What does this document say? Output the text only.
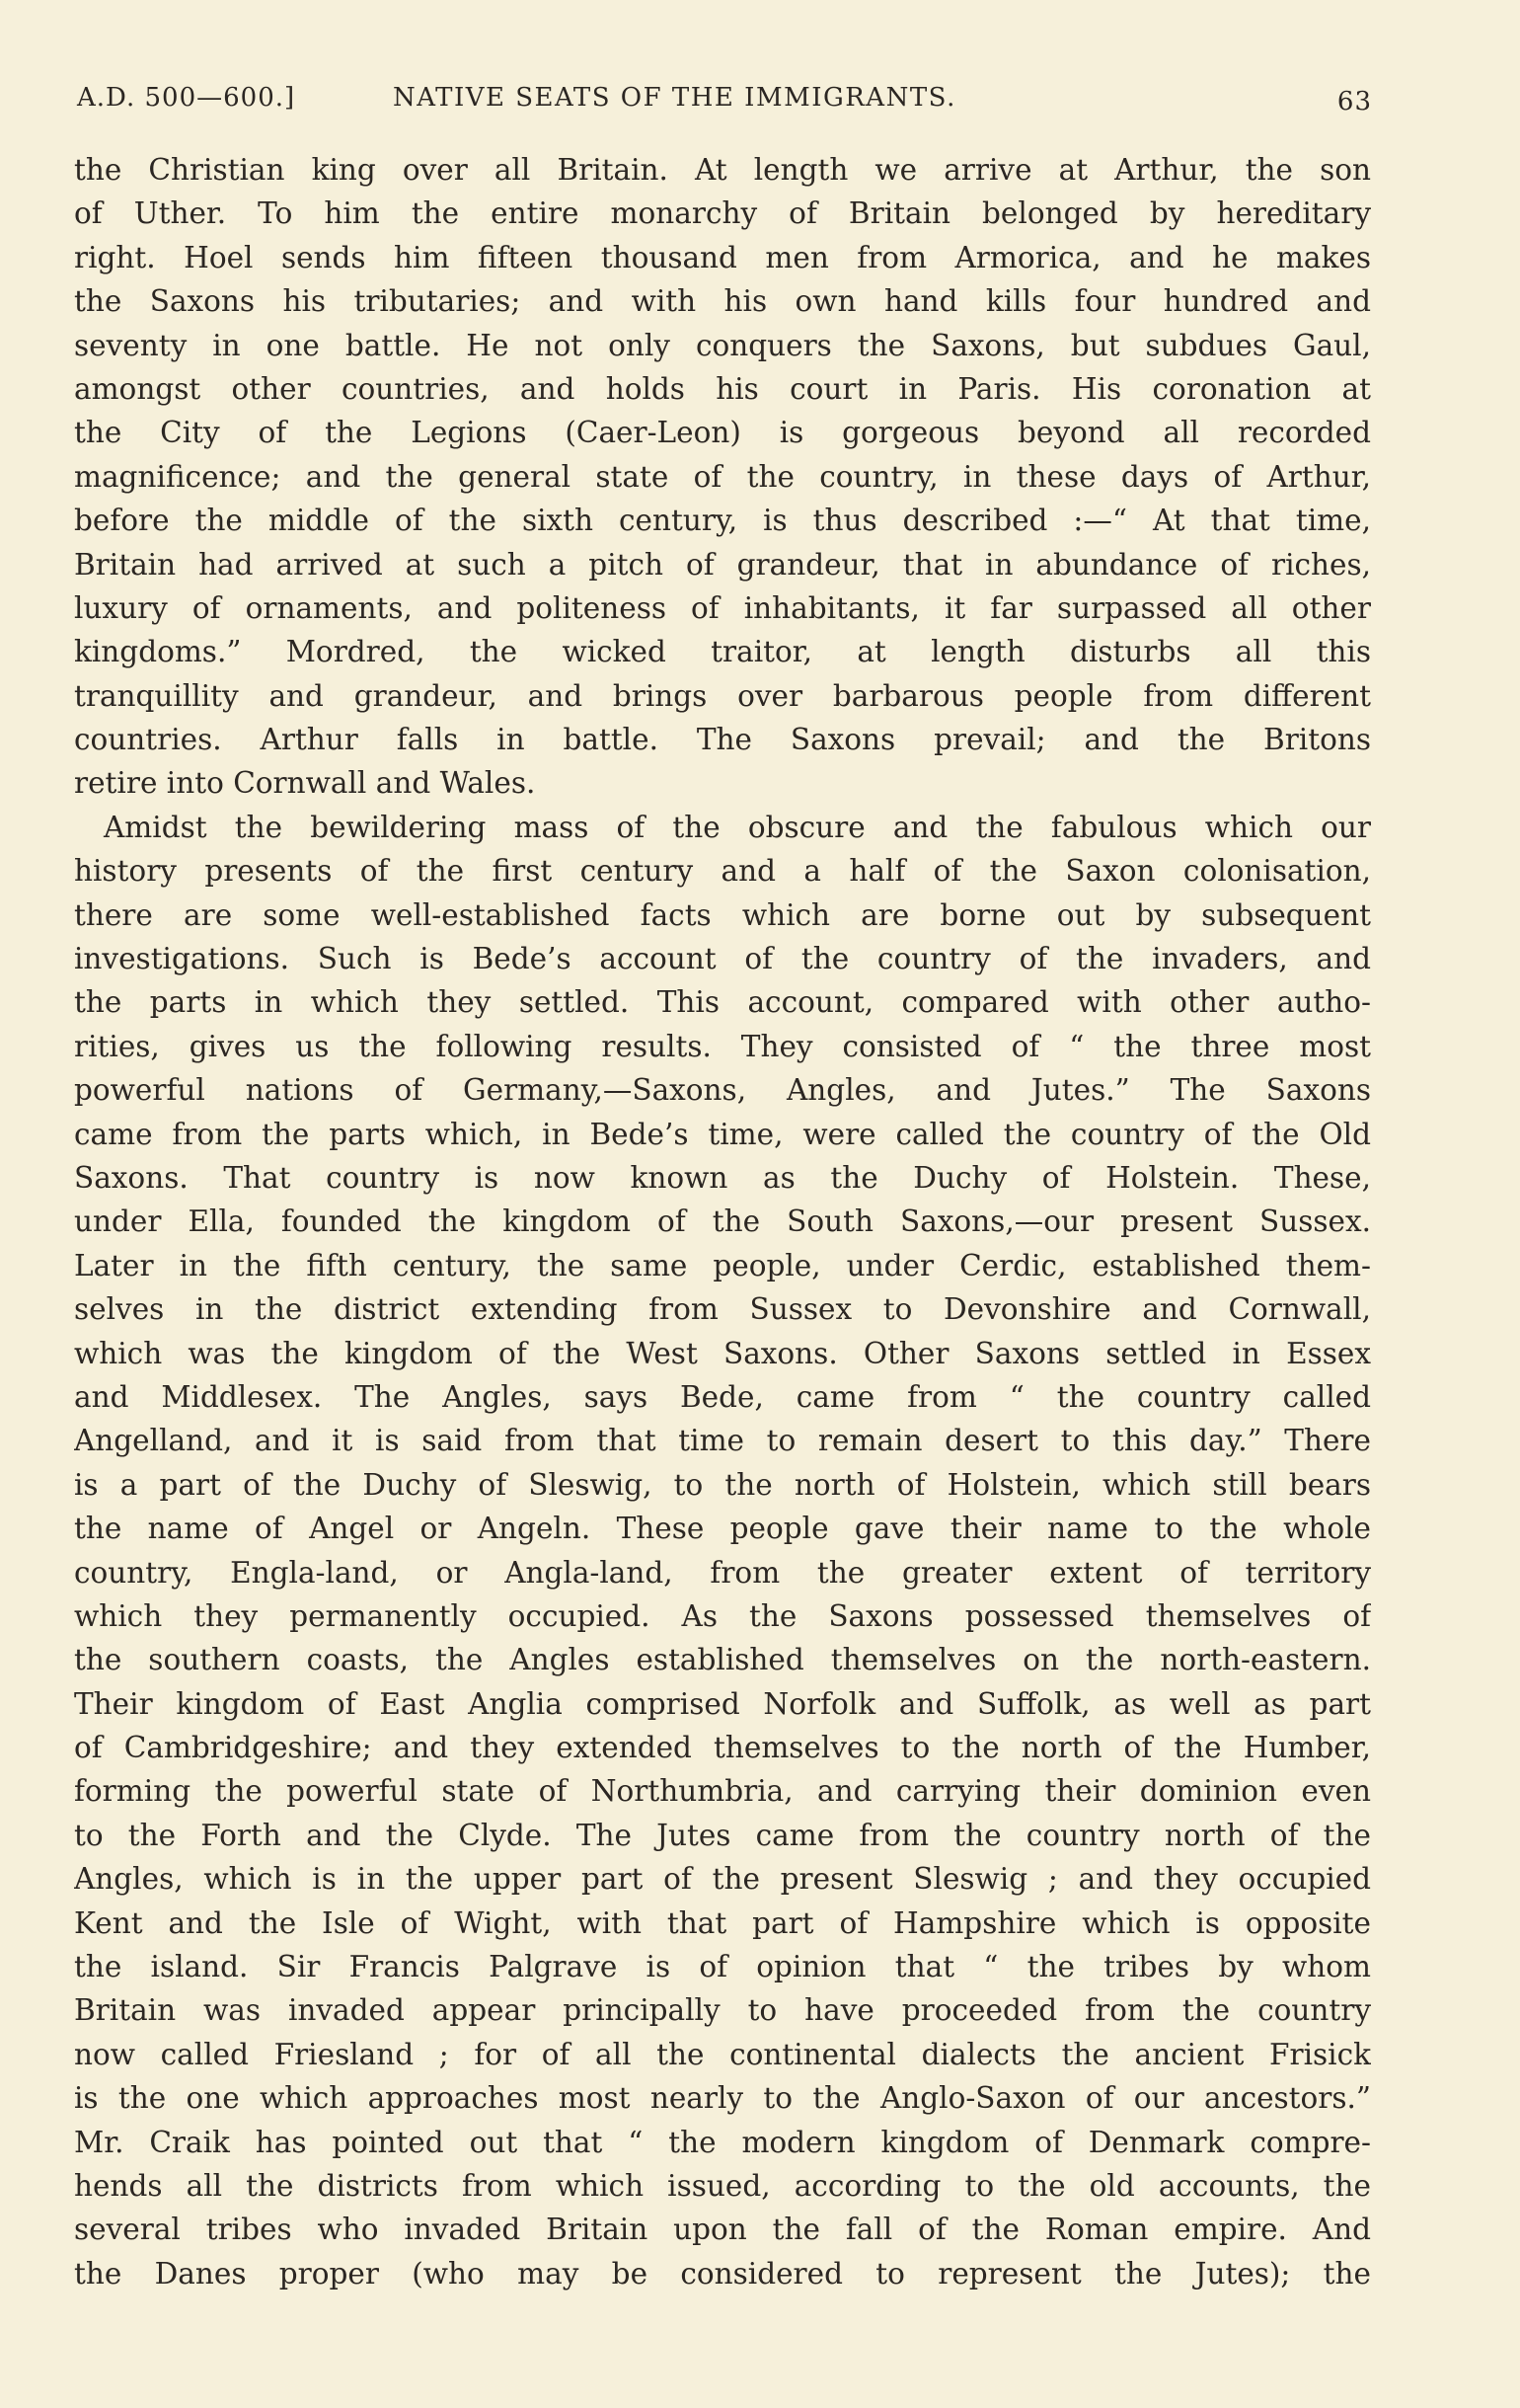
A.D. 500—600.]	NATIVE SEATS OF THE IMMIGRANTS.	63
the Christian king over all Britain. At length we arrive at Arthur, the son
of Uther. To him the entire monarchy of Britain belonged by hereditary
right. Hoel sends him fifteen thousand men from Armorica, and he makes
the Saxons his tributaries; and with his own hand kills four hundred and
seventy in one battle. He not only conquers the Saxons, but subdues Gaul,
amongst other countries, and holds his court in Paris. His coronation at
the City of the Legions (Caer-Leon) is gorgeous beyond all recorded
magnificence; and the general state of the country, in these days of Arthur,
before the middle of the sixth century, is thus described :—“ At that time,
Britain had arrived at such a pitch of grandeur, that in abundance of riches,
luxury of ornaments, and politeness of inhabitants, it far surpassed all other
kingdoms.” Mordred, the wicked traitor, at length disturbs all this
tranquillity and grandeur, and brings over barbarous people from different
countries. Arthur falls in battle. The Saxons prevail; and the Britons
retire into Cornwall and Wales.
Amidst the bewildering mass of the obscure and the fabulous which our
history presents of the first century and a half of the Saxon colonisation,
there are some well-established facts which are borne out by subsequent
investigations. Such is Bede’s account of the country of the invaders, and
the parts in which they settled. This account, compared with other autho-
rities, gives us the following results. They consisted of “ the three most
powerful nations of Germany,—Saxons, Angles, and Jutes.” The Saxons
came from the parts which, in Bede’s time, were called the country of the Old
Saxons. That country is now known as the Duchy of Holstein. These,
under Ella, founded the kingdom of the South Saxons,—our present Sussex.
Later in the fifth century, the same people, under Cerdic, established them-
selves in the district extending from Sussex to Devonshire and Cornwall,
which was the kingdom of the West Saxons. Other Saxons settled in Essex
and Middlesex. The Angles, says Bede, came from “ the country called
Angelland, and it is said from that time to remain desert to this day.” There
is a part of the Duchy of Sleswig, to the north of Holstein, which still bears
the name of Angel or Angeln. These people gave their name to the whole
country, Engla-land, or Angla-land, from the greater extent of territory
which they permanently occupied. As the Saxons possessed themselves of
the southern coasts, the Angles established themselves on the north-eastern.
Their kingdom of East Anglia comprised Norfolk and Suffolk, as well as part
of Cambridgeshire; and they extended themselves to the north of the Humber,
forming the powerful state of Northumbria, and carrying their dominion even
to the Forth and the Clyde. The Jutes came from the country north of the
Angles, which is in the upper part of the present Sleswig ; and they occupied
Kent and the Isle of Wight, with that part of Hampshire which is opposite
the island. Sir Francis Palgrave is of opinion that “ the tribes by whom
Britain was invaded appear principally to have proceeded from the country
now called Friesland ; for of all the continental dialects the ancient Frisick
is the one which approaches most nearly to the Anglo-Saxon of our ancestors.”
Mr. Craik has pointed out that “ the modern kingdom of Denmark compre-
hends all the districts from which issued, according to the old accounts, the
several tribes who invaded Britain upon the fall of the Roman empire. And
the Danes proper (who may be considered to represent the Jutes); the
